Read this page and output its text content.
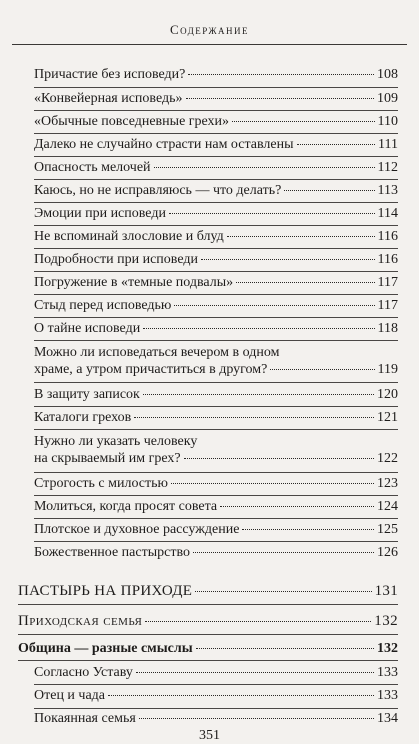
Содержание
Причастие без исповеди?	108
«Конвейерная исповедь»	109
«Обычные повседневные грехи»	110
Далеко не случайно страсти нам оставлены	111
Опасность мелочей	112
Каюсь, но не исправляюсь — что делать?	113
Эмоции при исповеди	114
Не вспоминай злословие и блуд	116
Подробности при исповеди	116
Погружение в «темные подвалы»	117
Стыд перед исповедью	117
О тайне исповеди	118
Можно ли исповедаться вечером в одном
храме, а утром причаститься в другом?	119
В защиту записок	120
Каталоги грехов	121
Нужно ли указать человеку
на скрываемый им грех?	122
Строгость с милостью	123
Молиться, когда просят совета	124
Плотское и духовное рассуждение	125
Божественное пастырство	126
ПАСТЫРЬ НА ПРИХОДЕ	131
Приходская семья	132
Община — разные смыслы	132
Согласно Уставу	133
Отец и чада	133
Покаянная семья	134
351
